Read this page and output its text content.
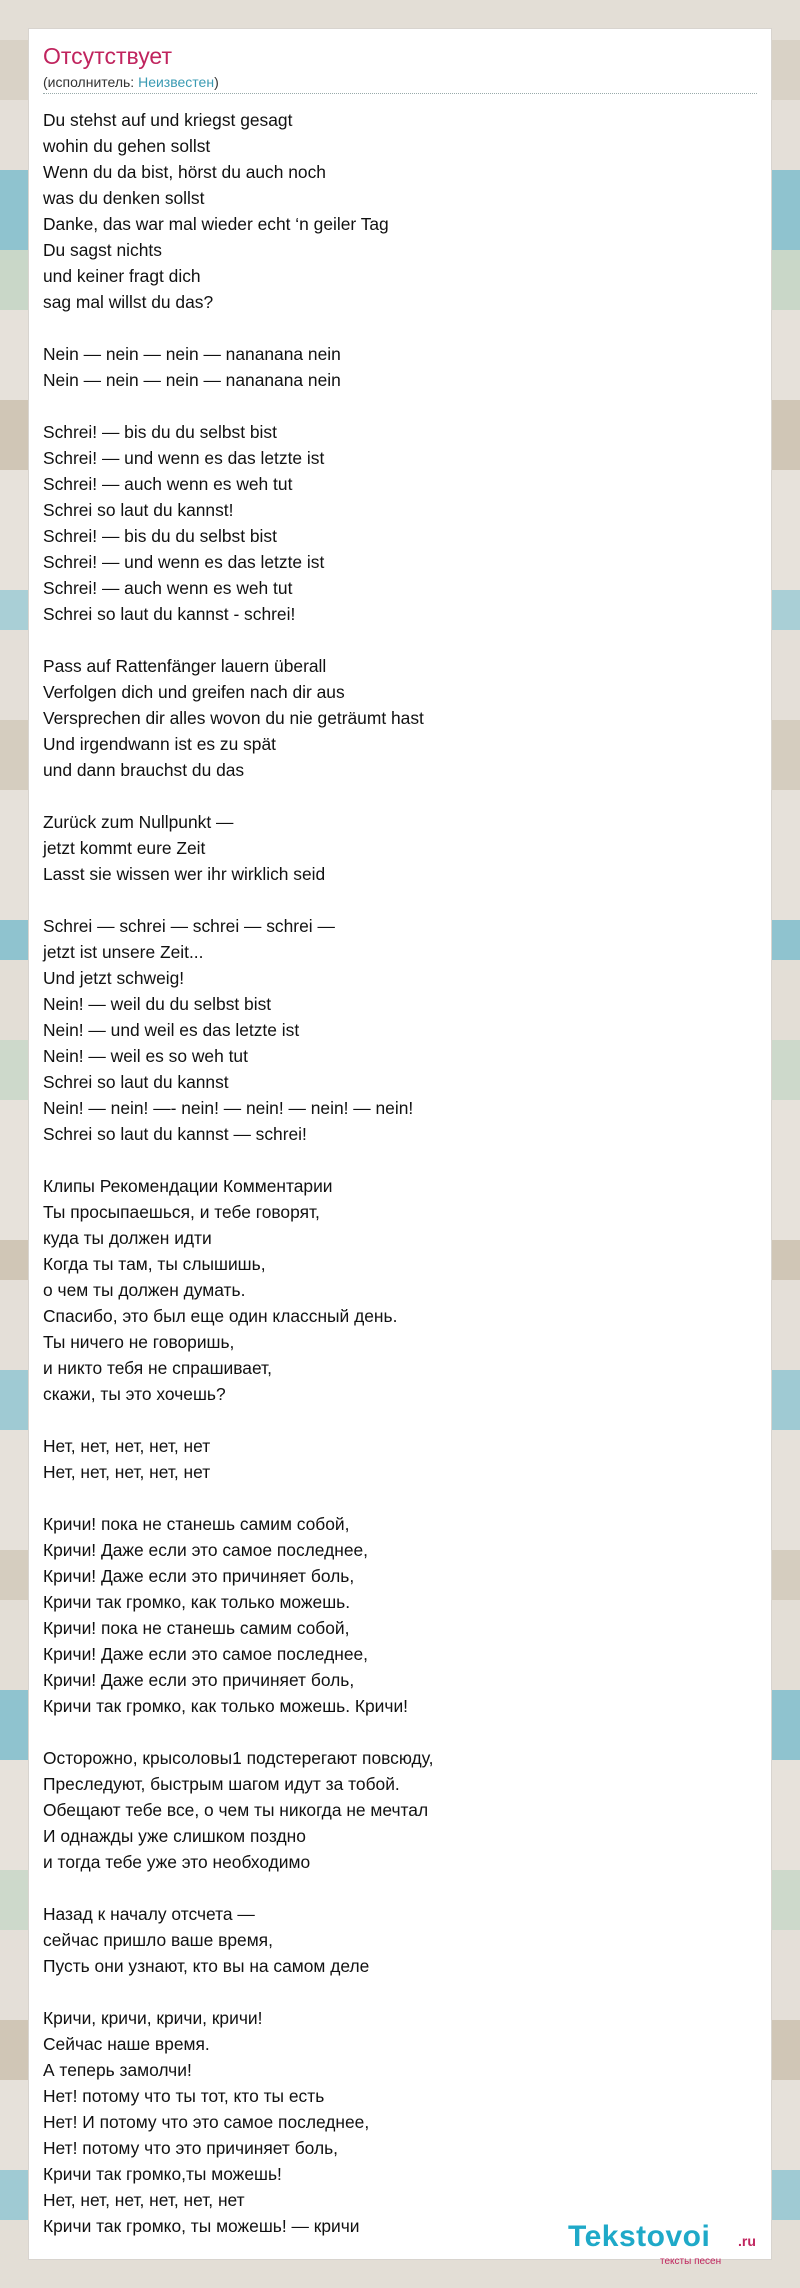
Отсутствует
(исполнитель: Неизвестен)
Du stehst auf und kriegst gesagt
wohin du gehen sollst
Wenn du da bist, hörst du auch noch
was du denken sollst
Danke, das war mal wieder echt ‘n geiler Tag
Du sagst nichts
und keiner fragt dich
sag mal willst du das?
Nein — nein — nein — nananana nein
Nein — nein — nein — nananana nein
Schrei! — bis du du selbst bist
Schrei! — und wenn es das letzte ist
Schrei! — auch wenn es weh tut
Schrei so laut du kannst!
Schrei! — bis du du selbst bist
Schrei! — und wenn es das letzte ist
Schrei! — auch wenn es weh tut
Schrei so laut du kannst - schrei!
Pass auf Rattenfänger lauern überall
Verfolgen dich und greifen nach dir aus
Versprechen dir alles wovon du nie geträumt hast
Und irgendwann ist es zu spät
und dann brauchst du das
Zurück zum Nullpunkt —
jetzt kommt eure Zeit
Lasst sie wissen wer ihr wirklich seid
Schrei — schrei — schrei — schrei —
jetzt ist unsere Zeit...
Und jetzt schweig!
Nein! — weil du du selbst bist
Nein! — und weil es das letzte ist
Nein! — weil es so weh tut
Schrei so laut du kannst
Nein! — nein! —- nein! — nein! — nein! — nein!
Schrei so laut du kannst — schrei!
Клипы Рекомендации Комментарии
Ты просыпаешься, и тебе говорят,
куда ты должен идти
Когда ты там, ты слышишь,
о чем ты должен думать.
Спасибо, это был еще один классный день.
Ты ничего не говоришь,
и никто тебя не спрашивает,
скажи, ты это хочешь?
Нет, нет, нет, нет, нет
Нет, нет, нет, нет, нет
Кричи! пока не станешь самим собой,
Кричи! Даже если это самое последнее,
Кричи! Даже если это причиняет боль,
Кричи так громко, как только можешь.
Кричи! пока не станешь самим собой,
Кричи! Даже если это самое последнее,
Кричи! Даже если это причиняет боль,
Кричи так громко, как только можешь. Кричи!
Осторожно, крысоловы1 подстерегают повсюду,
Преследуют, быстрым шагом идут за тобой.
Обещают тебе все, о чем ты никогда не мечтал
И однажды уже слишком поздно
и тогда тебе уже это необходимо
Назад к началу отсчета —
сейчас пришло ваше время,
Пусть они узнают, кто вы на самом деле
Кричи, кричи, кричи, кричи!
Сейчас наше время.
А теперь замолчи!
Нет! потому что ты тот, кто ты есть
Нет! И потому что это самое последнее,
Нет! потому что это причиняет боль,
Кричи так громко,ты можешь!
Нет, нет, нет, нет, нет, нет
Кричи так громко, ты можешь! — кричи	Tekstovoi .ru
тексты песен
